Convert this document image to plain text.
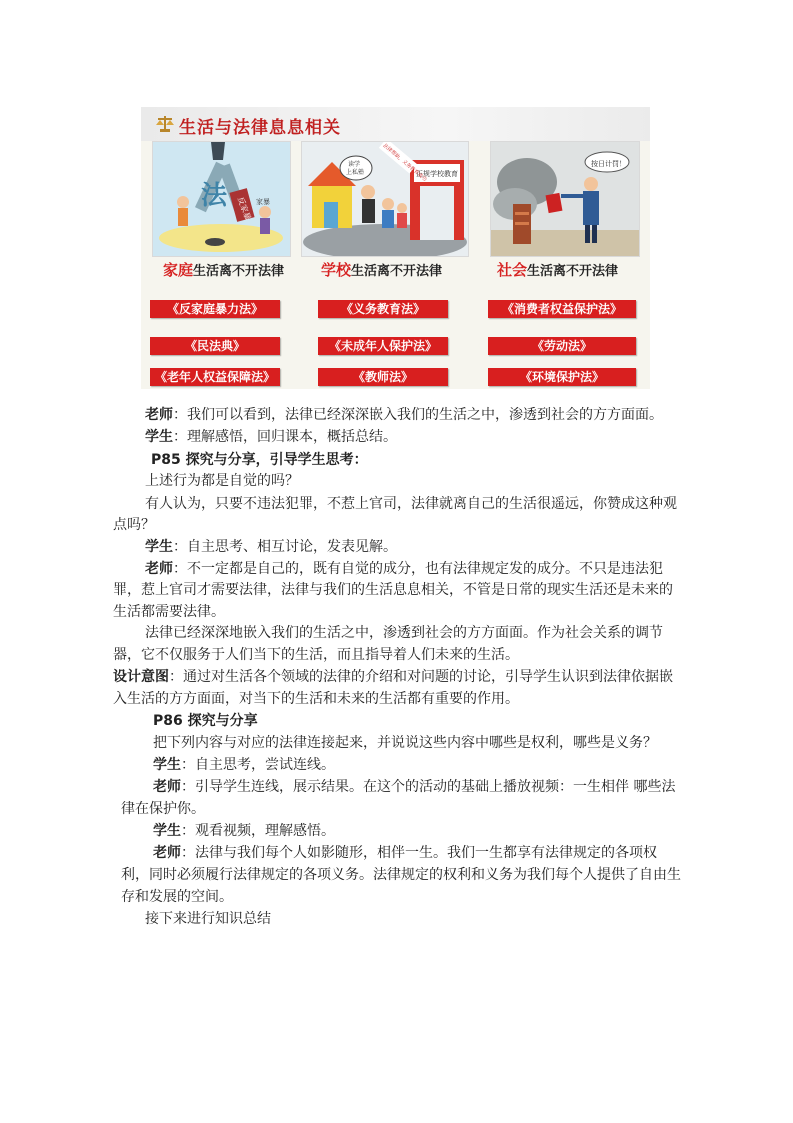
生活与法律息息相关
法 反家暴 家暴
正规学校教育
读学
上私塾	法律帮助，义务教育成功	按日计罚！
家庭生活离不开法律 学校生活离不开法律	社会生活离不开法律
《反家庭暴力法》	《义务教育法》	《消费者权益保护法》
《民法典》	《未成年人保护法》	《劳动法》
《老年人权益保障法》	《教师法》	《环境保护法》
老师：我们可以看到，法律已经深深嵌入我们的生活之中，渗透到社会的方方面面。
学生：理解感悟，回归课本，概括总结。
P85 探究与分享，引导学生思考：
上述行为都是自觉的吗？
有人认为，只要不违法犯罪，不惹上官司，法律就离自己的生活很遥远，你赞成这种观
点吗？
学生：自主思考、相互讨论，发表见解。
老师：不一定都是自己的，既有自觉的成分，也有法律规定发的成分。不只是违法犯
罪，惹上官司才需要法律，法律与我们的生活息息相关，不管是日常的现实生活还是未来的
生活都需要法律。
法律已经深深地嵌入我们的生活之中，渗透到社会的方方面面。作为社会关系的调节
器，它不仅服务于人们当下的生活，而且指导着人们未来的生活。
设计意图：通过对生活各个领域的法律的介绍和对问题的讨论，引导学生认识到法律依据嵌
入生活的方方面面，对当下的生活和未来的生活都有重要的作用。
P86 探究与分享
把下列内容与对应的法律连接起来，并说说这些内容中哪些是权利，哪些是义务？
学生：自主思考，尝试连线。
老师：引导学生连线，展示结果。在这个的活动的基础上播放视频：一生相伴 哪些法
律在保护你。
学生：观看视频，理解感悟。
老师：法律与我们每个人如影随形，相伴一生。我们一生都享有法律规定的各项权
利，同时必须履行法律规定的各项义务。法律规定的权利和义务为我们每个人提供了自由生
存和发展的空间。
接下来进行知识总结
